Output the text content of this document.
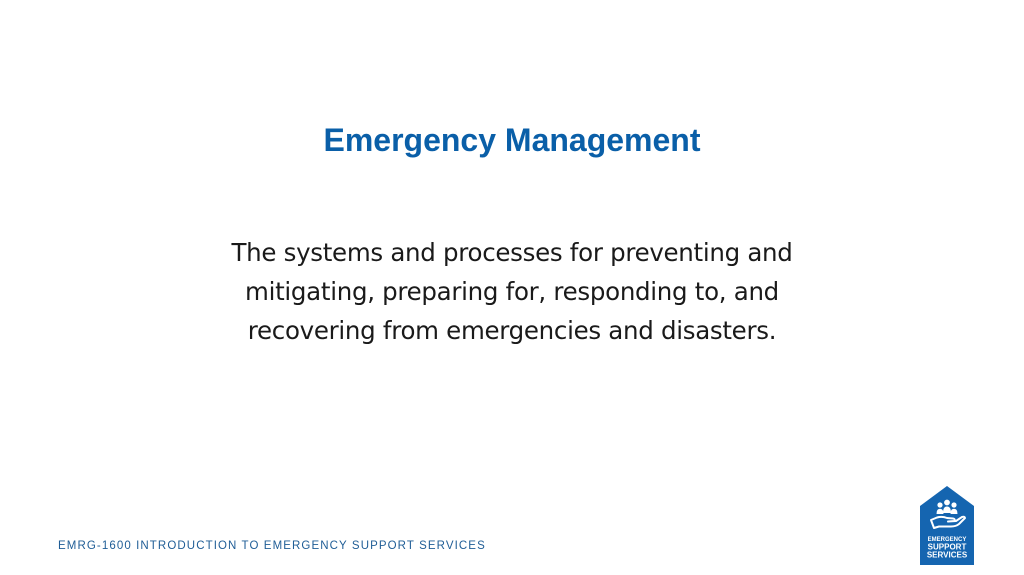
Emergency Management

The systems and processes for preventing and mitigating, preparing for, responding to, and recovering from emergencies and disasters.

EMRG-1600 INTRODUCTION TO EMERGENCY SUPPORT SERVICES	EMERGENCY
SUPPORT
SERVICES
